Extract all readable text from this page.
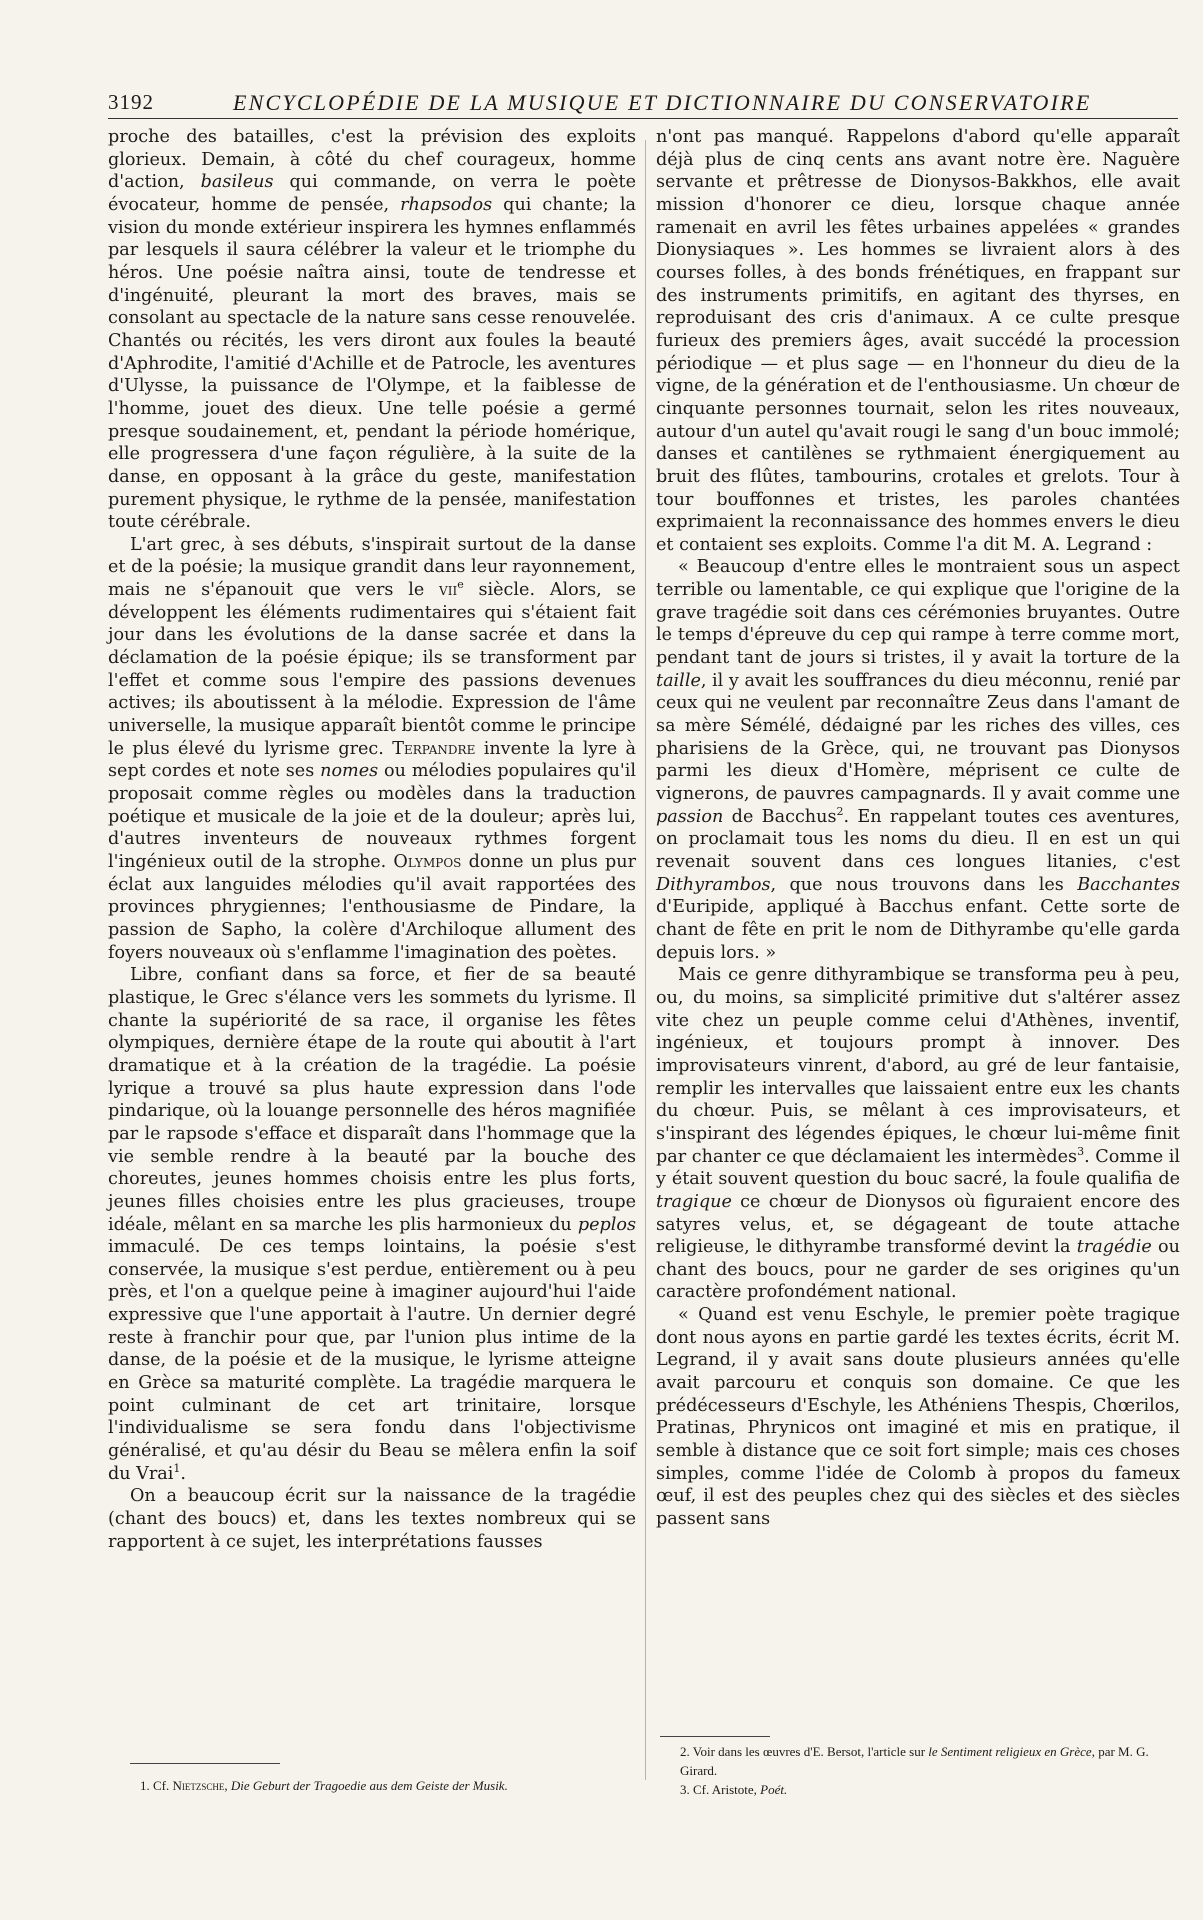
3192	ENCYCLOPÉDIE DE LA MUSIQUE ET DICTIONNAIRE DU CONSERVATOIRE

proche des batailles, c'est la prévision des exploits glorieux. Demain, à côté du chef courageux, homme d'action, basileus qui commande, on verra le poète évocateur, homme de pensée, rhapsodos qui chante; la vision du monde extérieur inspirera les hymnes enflammés par lesquels il saura célébrer la valeur et le triomphe du héros. Une poésie naîtra ainsi, toute de tendresse et d'ingénuité, pleurant la mort des braves, mais se consolant au spectacle de la nature sans cesse renouvelée. Chantés ou récités, les vers diront aux foules la beauté d'Aphrodite, l'amitié d'Achille et de Patrocle, les aventures d'Ulysse, la puissance de l'Olympe, et la faiblesse de l'homme, jouet des dieux. Une telle poésie a germé presque soudainement, et, pendant la période homérique, elle progressera d'une façon régulière, à la suite de la danse, en opposant à la grâce du geste, manifestation purement physique, le rythme de la pensée, manifestation toute cérébrale.

L'art grec, à ses débuts, s'inspirait surtout de la danse et de la poésie; la musique grandit dans leur rayonnement, mais ne s'épanouit que vers le vii$^e$ siècle. Alors, se développent les éléments rudimentaires qui s'étaient fait jour dans les évolutions de la danse sacrée et dans la déclamation de la poésie épique; ils se transforment par l'effet et comme sous l'empire des passions devenues actives; ils aboutissent à la mélodie. Expression de l'âme universelle, la musique apparaît bientôt comme le principe le plus élevé du lyrisme grec. Terpandre invente la lyre à sept cordes et note ses nomes ou mélodies populaires qu'il proposait comme règles ou modèles dans la traduction poétique et musicale de la joie et de la douleur; après lui, d'autres inventeurs de nouveaux rythmes forgent l'ingénieux outil de la strophe. Olympos donne un plus pur éclat aux languides mélodies qu'il avait rapportées des provinces phrygiennes; l'enthousiasme de Pindare, la passion de Sapho, la colère d'Archiloque allument des foyers nouveaux où s'enflamme l'imagination des poètes.

Libre, confiant dans sa force, et fier de sa beauté plastique, le Grec s'élance vers les sommets du lyrisme. Il chante la supériorité de sa race, il organise les fêtes olympiques, dernière étape de la route qui aboutit à l'art dramatique et à la création de la tragédie. La poésie lyrique a trouvé sa plus haute expression dans l'ode pindarique, où la louange personnelle des héros magnifiée par le rapsode s'efface et disparaît dans l'hommage que la vie semble rendre à la beauté par la bouche des choreutes, jeunes hommes choisis entre les plus forts, jeunes filles choisies entre les plus gracieuses, troupe idéale, mêlant en sa marche les plis harmonieux du peplos immaculé. De ces temps lointains, la poésie s'est conservée, la musique s'est perdue, entièrement ou à peu près, et l'on a quelque peine à imaginer aujourd'hui l'aide expressive que l'une apportait à l'autre. Un dernier degré reste à franchir pour que, par l'union plus intime de la danse, de la poésie et de la musique, le lyrisme atteigne en Grèce sa maturité complète. La tragédie marquera le point culminant de cet art trinitaire, lorsque l'individualisme se sera fondu dans l'objectivisme généralisé, et qu'au désir du Beau se mêlera enfin la soif du Vrai$^1$.

On a beaucoup écrit sur la naissance de la tragédie (chant des boucs) et, dans les textes nombreux qui se rapportent à ce sujet, les interprétations fausses

n'ont pas manqué. Rappelons d'abord qu'elle apparaît déjà plus de cinq cents ans avant notre ère. Naguère servante et prêtresse de Dionysos-Bakkhos, elle avait mission d'honorer ce dieu, lorsque chaque année ramenait en avril les fêtes urbaines appelées « grandes Dionysiaques ». Les hommes se livraient alors à des courses folles, à des bonds frénétiques, en frappant sur des instruments primitifs, en agitant des thyrses, en reproduisant des cris d'animaux. A ce culte presque furieux des premiers âges, avait succédé la procession périodique — et plus sage — en l'honneur du dieu de la vigne, de la génération et de l'enthousiasme. Un chœur de cinquante personnes tournait, selon les rites nouveaux, autour d'un autel qu'avait rougi le sang d'un bouc immolé; danses et cantilènes se rythmaient énergiquement au bruit des flûtes, tambourins, crotales et grelots. Tour à tour bouffonnes et tristes, les paroles chantées exprimaient la reconnaissance des hommes envers le dieu et contaient ses exploits. Comme l'a dit M. A. Legrand :

« Beaucoup d'entre elles le montraient sous un aspect terrible ou lamentable, ce qui explique que l'origine de la grave tragédie soit dans ces cérémonies bruyantes. Outre le temps d'épreuve du cep qui rampe à terre comme mort, pendant tant de jours si tristes, il y avait la torture de la taille, il y avait les souffrances du dieu méconnu, renié par ceux qui ne veulent par reconnaître Zeus dans l'amant de sa mère Sémélé, dédaigné par les riches des villes, ces pharisiens de la Grèce, qui, ne trouvant pas Dionysos parmi les dieux d'Homère, méprisent ce culte de vignerons, de pauvres campagnards. Il y avait comme une passion de Bacchus$^2$. En rappelant toutes ces aventures, on proclamait tous les noms du dieu. Il en est un qui revenait souvent dans ces longues litanies, c'est Dithyrambos, que nous trouvons dans les Bacchantes d'Euripide, appliqué à Bacchus enfant. Cette sorte de chant de fête en prit le nom de Dithyrambe qu'elle garda depuis lors. »

Mais ce genre dithyrambique se transforma peu à peu, ou, du moins, sa simplicité primitive dut s'altérer assez vite chez un peuple comme celui d'Athènes, inventif, ingénieux, et toujours prompt à innover. Des improvisateurs vinrent, d'abord, au gré de leur fantaisie, remplir les intervalles que laissaient entre eux les chants du chœur. Puis, se mêlant à ces improvisateurs, et s'inspirant des légendes épiques, le chœur lui-même finit par chanter ce que déclamaient les intermèdes$^3$. Comme il y était souvent question du bouc sacré, la foule qualifia de tragique ce chœur de Dionysos où figuraient encore des satyres velus, et, se dégageant de toute attache religieuse, le dithyrambe transformé devint la tragédie ou chant des boucs, pour ne garder de ses origines qu'un caractère profondément national.

« Quand est venu Eschyle, le premier poète tragique dont nous ayons en partie gardé les textes écrits, écrit M. Legrand, il y avait sans doute plusieurs années qu'elle avait parcouru et conquis son domaine. Ce que les prédécesseurs d'Eschyle, les Athéniens Thespis, Chœrilos, Pratinas, Phrynicos ont imaginé et mis en pratique, il semble à distance que ce soit fort simple; mais ces choses simples, comme l'idée de Colomb à propos du fameux œuf, il est des peuples chez qui des siècles et des siècles passent sans

1. Cf. Nietzsche, Die Geburt der Tragoedie aus dem Geiste der Musik.

2. Voir dans les œuvres d'E. Bersot, l'article sur le Sentiment religieux en Grèce, par M. G. Girard.

3. Cf. Aristote, Poét.
